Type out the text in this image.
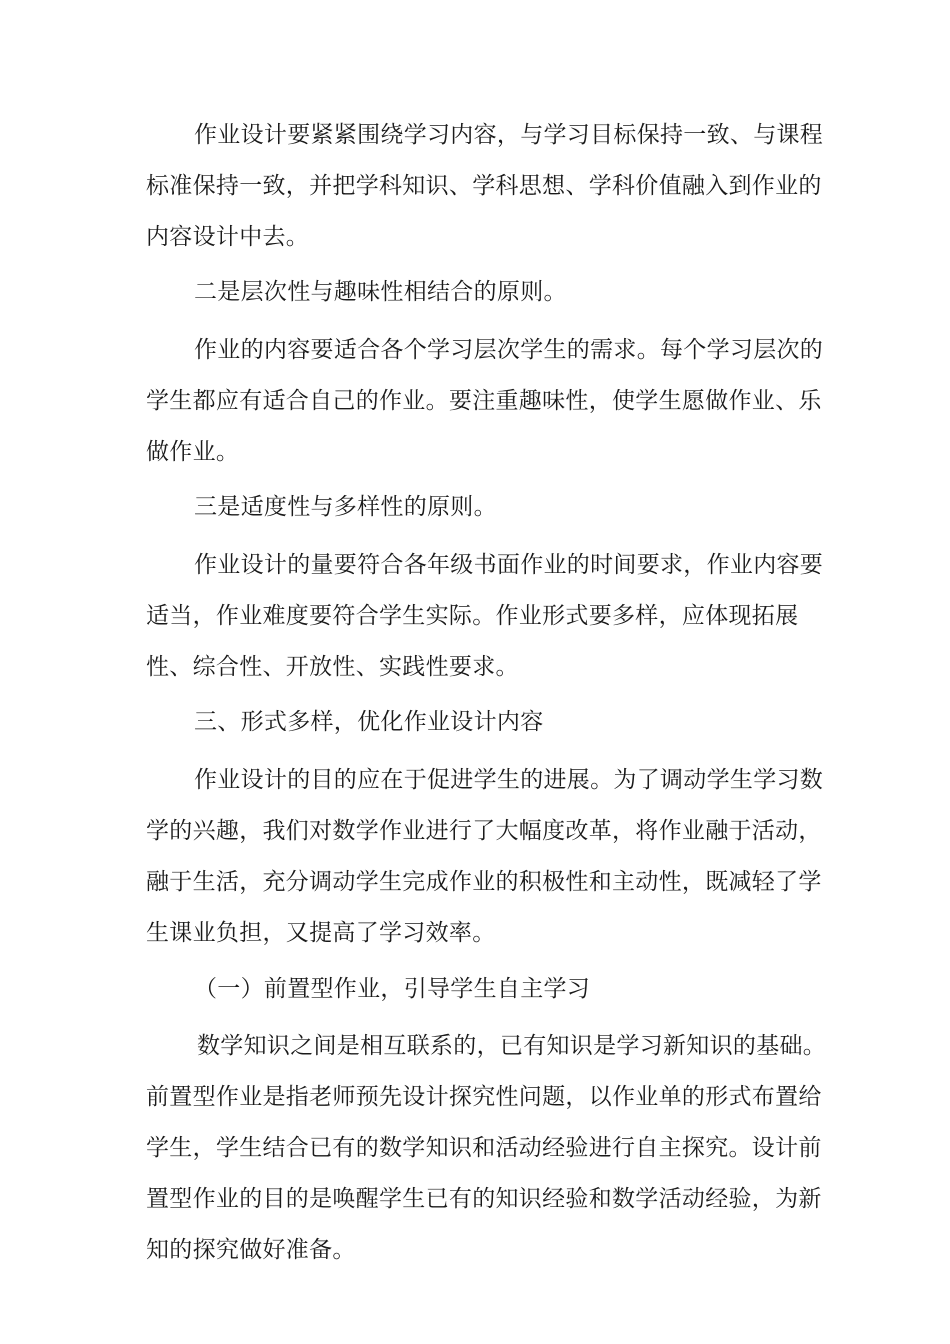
作业设计要紧紧围绕学习内容，与学习目标保持一致、与课程
标准保持一致，并把学科知识、学科思想、学科价值融入到作业的
内容设计中去。
二是层次性与趣味性相结合的原则。
作业的内容要适合各个学习层次学生的需求。每个学习层次的
学生都应有适合自己的作业。要注重趣味性，使学生愿做作业、乐
做作业。
三是适度性与多样性的原则。
作业设计的量要符合各年级书面作业的时间要求，作业内容要
适当，作业难度要符合学生实际。作业形式要多样，应体现拓展
性、综合性、开放性、实践性要求。
三、形式多样，优化作业设计内容
作业设计的目的应在于促进学生的进展。为了调动学生学习数
学的兴趣，我们对数学作业进行了大幅度改革，将作业融于活动，
融于生活，充分调动学生完成作业的积极性和主动性，既减轻了学
生课业负担，又提高了学习效率。
（一）前置型作业，引导学生自主学习
数学知识之间是相互联系的，已有知识是学习新知识的基础。
前置型作业是指老师预先设计探究性问题，以作业单的形式布置给
学生，学生结合已有的数学知识和活动经验进行自主探究。设计前
置型作业的目的是唤醒学生已有的知识经验和数学活动经验，为新
知的探究做好准备。
